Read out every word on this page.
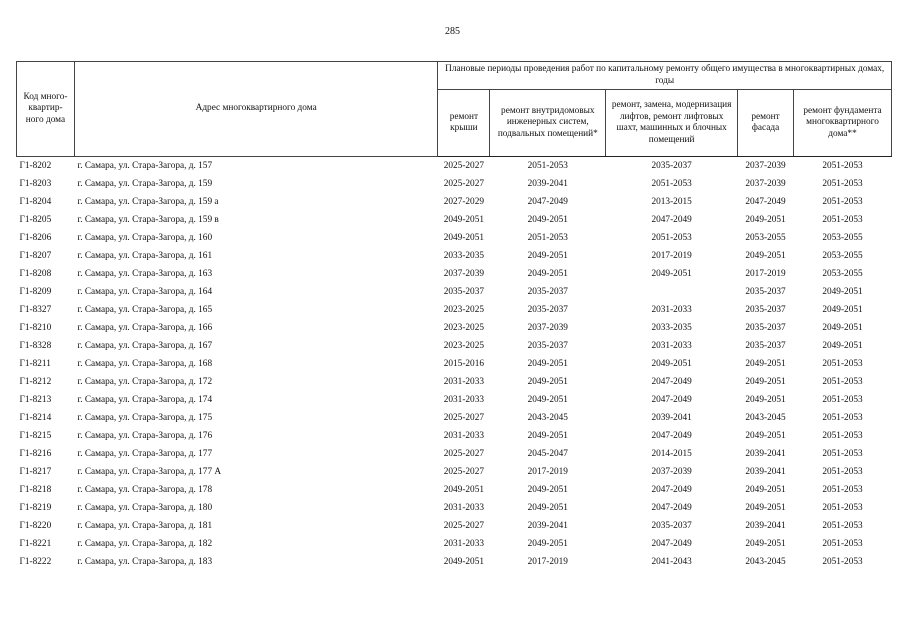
285
Код много-
квартир-
ного дома	Адрес многоквартирного дома	Плановые периоды проведения работ по капитальному ремонту общего имущества в многоквартирных домах, годы				
		ремонт крыши	ремонт внутридомовых инженерных систем, подвальных помещений*	ремонт, замена, модернизация лифтов, ремонт лифтовых шахт, машинных и блочных помещений	ремонт фасада	ремонт фундамента многоквартирного дома**
Г1-8202	г. Самара, ул. Стара-Загора, д. 157	2025-2027	2051-2053	2035-2037	2037-2039	2051-2053
Г1-8203	г. Самара, ул. Стара-Загора, д. 159	2025-2027	2039-2041	2051-2053	2037-2039	2051-2053
Г1-8204	г. Самара, ул. Стара-Загора, д. 159 а	2027-2029	2047-2049	2013-2015	2047-2049	2051-2053
Г1-8205	г. Самара, ул. Стара-Загора, д. 159 в	2049-2051	2049-2051	2047-2049	2049-2051	2051-2053
Г1-8206	г. Самара, ул. Стара-Загора, д. 160	2049-2051	2051-2053	2051-2053	2053-2055	2053-2055
Г1-8207	г. Самара, ул. Стара-Загора, д. 161	2033-2035	2049-2051	2017-2019	2049-2051	2053-2055
Г1-8208	г. Самара, ул. Стара-Загора, д. 163	2037-2039	2049-2051	2049-2051	2017-2019	2053-2055
Г1-8209	г. Самара, ул. Стара-Загора, д. 164	2035-2037	2035-2037		2035-2037	2049-2051
Г1-8327	г. Самара, ул. Стара-Загора, д. 165	2023-2025	2035-2037	2031-2033	2035-2037	2049-2051
Г1-8210	г. Самара, ул. Стара-Загора, д. 166	2023-2025	2037-2039	2033-2035	2035-2037	2049-2051
Г1-8328	г. Самара, ул. Стара-Загора, д. 167	2023-2025	2035-2037	2031-2033	2035-2037	2049-2051
Г1-8211	г. Самара, ул. Стара-Загора, д. 168	2015-2016	2049-2051	2049-2051	2049-2051	2051-2053
Г1-8212	г. Самара, ул. Стара-Загора, д. 172	2031-2033	2049-2051	2047-2049	2049-2051	2051-2053
Г1-8213	г. Самара, ул. Стара-Загора, д. 174	2031-2033	2049-2051	2047-2049	2049-2051	2051-2053
Г1-8214	г. Самара, ул. Стара-Загора, д. 175	2025-2027	2043-2045	2039-2041	2043-2045	2051-2053
Г1-8215	г. Самара, ул. Стара-Загора, д. 176	2031-2033	2049-2051	2047-2049	2049-2051	2051-2053
Г1-8216	г. Самара, ул. Стара-Загора, д. 177	2025-2027	2045-2047	2014-2015	2039-2041	2051-2053
Г1-8217	г. Самара, ул. Стара-Загора, д. 177 А	2025-2027	2017-2019	2037-2039	2039-2041	2051-2053
Г1-8218	г. Самара, ул. Стара-Загора, д. 178	2049-2051	2049-2051	2047-2049	2049-2051	2051-2053
Г1-8219	г. Самара, ул. Стара-Загора, д. 180	2031-2033	2049-2051	2047-2049	2049-2051	2051-2053
Г1-8220	г. Самара, ул. Стара-Загора, д. 181	2025-2027	2039-2041	2035-2037	2039-2041	2051-2053
Г1-8221	г. Самара, ул. Стара-Загора, д. 182	2031-2033	2049-2051	2047-2049	2049-2051	2051-2053
Г1-8222	г. Самара, ул. Стара-Загора, д. 183	2049-2051	2017-2019	2041-2043	2043-2045	2051-2053
